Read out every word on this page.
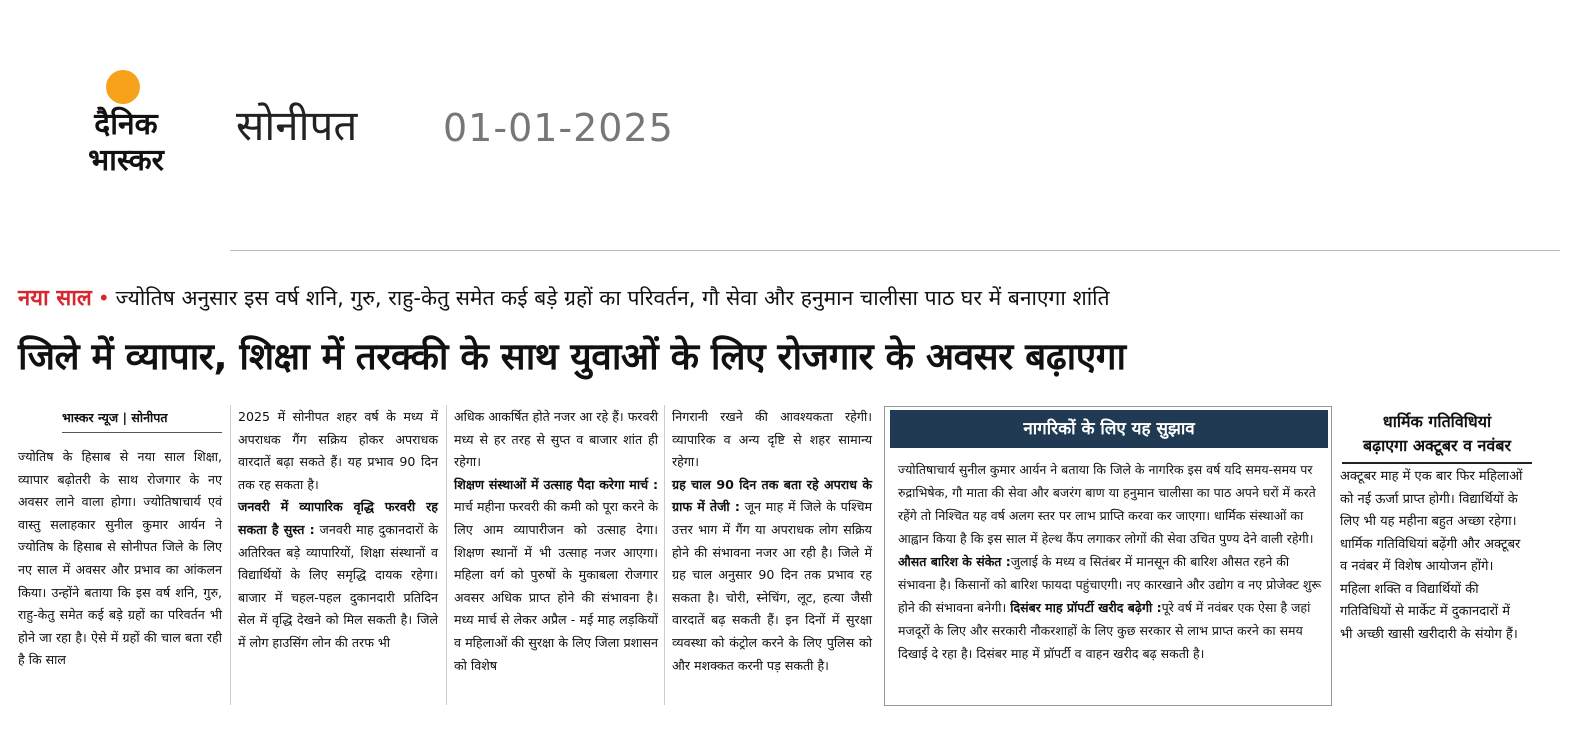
दैनिक
भास्कर
सोनीपत 01-01-2025
नया साल • ज्योतिष अनुसार इस वर्ष शनि, गुरु, राहु-केतु समेत कई बड़े ग्रहों का परिवर्तन, गौ सेवा और हनुमान चालीसा पाठ घर में बनाएगा शांति
जिले में व्यापार, शिक्षा में तरक्की के साथ युवाओं के लिए रोजगार के अवसर बढ़ाएगा
भास्कर न्यूज | सोनीपत

ज्योतिष के हिसाब से नया साल शिक्षा, व्यापार बढ़ोतरी के साथ रोजगार के नए अवसर लाने वाला होगा। ज्योतिषाचार्य एवं वास्तु सलाहकार सुनील कुमार आर्यन ने ज्योतिष के हिसाब से सोनीपत जिले के लिए नए साल में अवसर और प्रभाव का आंकलन किया। उन्होंने बताया कि इस वर्ष शनि, गुरु, राहु-केतु समेत कई बड़े ग्रहों का परिवर्तन भी होने जा रहा है। ऐसे में ग्रहों की चाल बता रही है कि साल

2025 में सोनीपत शहर वर्ष के मध्य में अपराधक गैंग सक्रिय होकर अपराधक वारदातें बढ़ा सकते हैं। यह प्रभाव 90 दिन तक रह सकता है।

जनवरी में व्यापारिक वृद्धि फरवरी रह सकता है सुस्त : जनवरी माह दुकानदारों के अतिरिक्त बड़े व्यापारियों, शिक्षा संस्थानों व विद्यार्थियों के लिए समृद्धि दायक रहेगा। बाजार में चहल-पहल दुकानदारी प्रतिदिन सेल में वृद्धि देखने को मिल सकती है। जिले में लोग हाउसिंग लोन की तरफ भी

अधिक आकर्षित होते नजर आ रहे हैं। फरवरी मध्य से हर तरह से सुप्त व बाजार शांत ही रहेगा।

शिक्षण संस्थाओं में उत्साह पैदा करेगा मार्च : मार्च महीना फरवरी की कमी को पूरा करने के लिए आम व्यापारीजन को उत्साह देगा। शिक्षण स्थानों में भी उत्साह नजर आएगा। महिला वर्ग को पुरुषों के मुकाबला रोजगार अवसर अधिक प्राप्त होने की संभावना है। मध्य मार्च से लेकर अप्रैल - मई माह लड़कियों व महिलाओं की सुरक्षा के लिए जिला प्रशासन को विशेष

निगरानी रखने की आवश्यकता रहेगी। व्यापारिक व अन्य दृष्टि से शहर सामान्य रहेगा।

ग्रह चाल 90 दिन तक बता रहे अपराध के ग्राफ में तेजी : जून माह में जिले के पश्चिम उत्तर भाग में गैंग या अपराधक लोग सक्रिय होने की संभावना नजर आ रही है। जिले में ग्रह चाल अनुसार 90 दिन तक प्रभाव रह सकता है। चोरी, स्नेचिंग, लूट, हत्या जैसी वारदातें बढ़ सकती हैं। इन दिनों में सुरक्षा व्यवस्था को कंट्रोल करने के लिए पुलिस को और मशक्कत करनी पड़ सकती है।

नागरिकों के लिए यह सुझाव
ज्योतिषाचार्य सुनील कुमार आर्यन ने बताया कि जिले के नागरिक इस वर्ष यदि समय-समय पर रुद्राभिषेक, गौ माता की सेवा और बजरंग बाण या हनुमान चालीसा का पाठ अपने घरों में करते रहेंगे तो निश्चित यह वर्ष अलग स्तर पर लाभ प्राप्ति करवा कर जाएगा। धार्मिक संस्थाओं का आह्वान किया है कि इस साल में हेल्थ कैंप लगाकर लोगों की सेवा उचित पुण्य देने वाली रहेगी। औसत बारिश के संकेत :जुलाई के मध्य व सितंबर में मानसून की बारिश औसत रहने की संभावना है। किसानों को बारिश फायदा पहुंचाएगी। नए कारखाने और उद्योग व नए प्रोजेक्ट शुरू होने की संभावना बनेगी। दिसंबर माह प्रॉपर्टी खरीद बढ़ेगी :पूरे वर्ष में नवंबर एक ऐसा है जहां मजदूरों के लिए और सरकारी नौकरशाहों के लिए कुछ सरकार से लाभ प्राप्त करने का समय दिखाई दे रहा है। दिसंबर माह में प्रॉपर्टी व वाहन खरीद बढ़ सकती है।
धार्मिक गतिविधियां
बढ़ाएगा अक्टूबर व नवंबर
अक्टूबर माह में एक बार फिर महिलाओं को नई ऊर्जा प्राप्त होगी। विद्यार्थियों के लिए भी यह महीना बहुत अच्छा रहेगा। धार्मिक गतिविधियां बढ़ेंगी और अक्टूबर व नवंबर में विशेष आयोजन होंगे। महिला शक्ति व विद्यार्थियों की गतिविधियों से मार्केट में दुकानदारों में भी अच्छी खासी खरीदारी के संयोग हैं।
